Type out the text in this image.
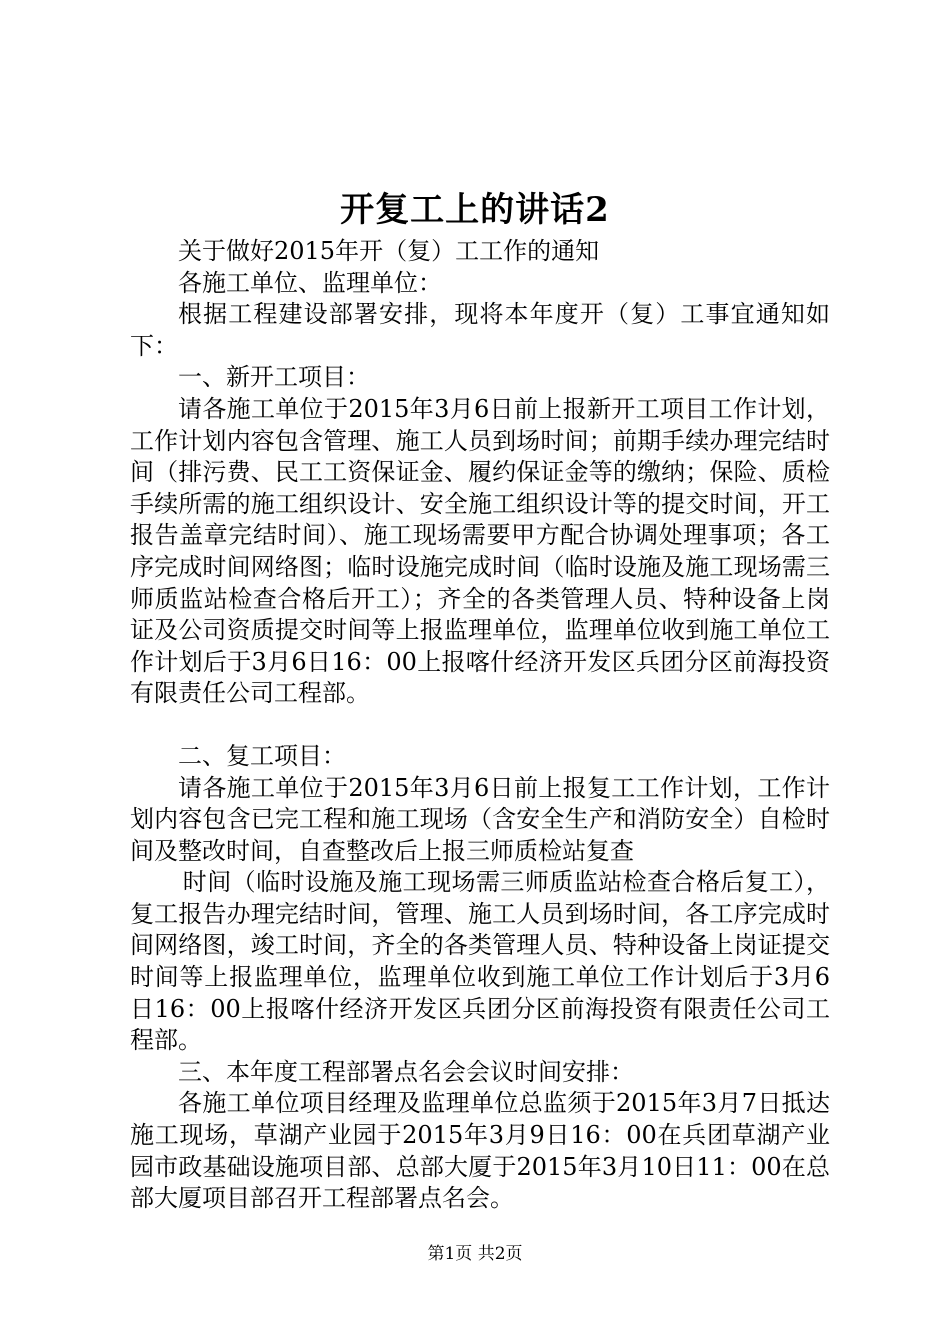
开复工上的讲话2

关于做好2015年开（复）工工作的通知

各施工单位、监理单位：

根据工程建设部署安排，现将本年度开（复）工事宜通知如下：

一、新开工项目：

请各施工单位于2015年3月6日前上报新开工项目工作计划，工作计划内容包含管理、施工人员到场时间；前期手续办理完结时间（排污费、民工工资保证金、履约保证金等的缴纳；保险、质检手续所需的施工组织设计、安全施工组织设计等的提交时间，开工报告盖章完结时间）、施工现场需要甲方配合协调处理事项；各工序完成时间网络图；临时设施完成时间（临时设施及施工现场需三师质监站检查合格后开工）；齐全的各类管理人员、特种设备上岗证及公司资质提交时间等上报监理单位，监理单位收到施工单位工作计划后于3月6日16：00上报喀什经济开发区兵团分区前海投资有限责任公司工程部。

二、复工项目：

请各施工单位于2015年3月6日前上报复工工作计划，工作计划内容包含已完工程和施工现场（含安全生产和消防安全）自检时间及整改时间，自查整改后上报三师质检站复查

时间（临时设施及施工现场需三师质监站检查合格后复工），复工报告办理完结时间，管理、施工人员到场时间，各工序完成时间网络图，竣工时间，齐全的各类管理人员、特种设备上岗证提交时间等上报监理单位，监理单位收到施工单位工作计划后于3月6日16：00上报喀什经济开发区兵团分区前海投资有限责任公司工程部。

三、本年度工程部署点名会会议时间安排：

各施工单位项目经理及监理单位总监须于2015年3月7日抵达施工现场，草湖产业园于2015年3月9日16：00在兵团草湖产业园市政基础设施项目部、总部大厦于2015年3月10日11：00在总部大厦项目部召开工程部署点名会。

第1页 共2页
